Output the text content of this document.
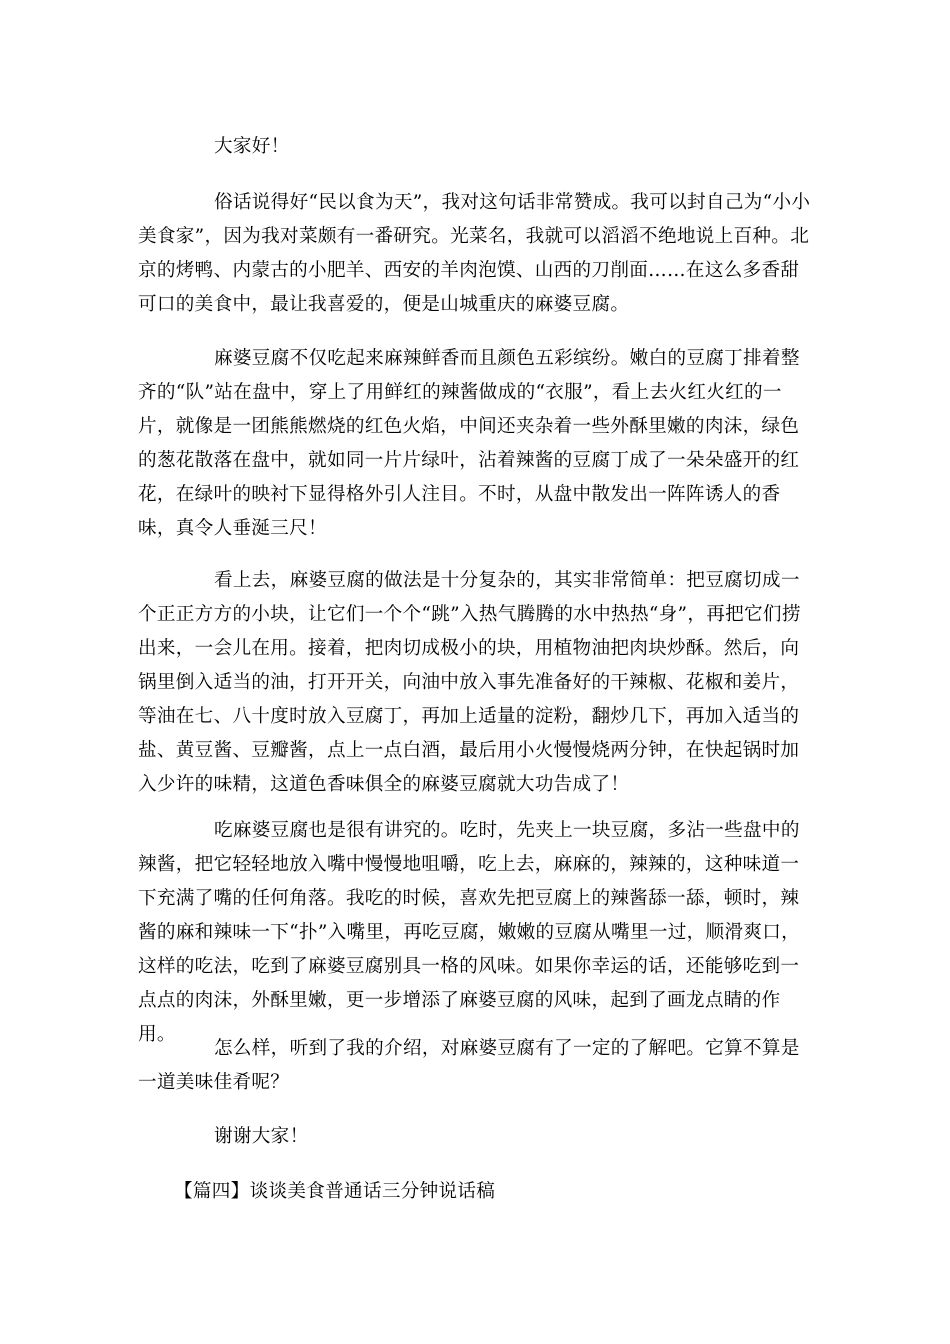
大家好！

俗话说得好“民以食为天”，我对这句话非常赞成。我可以封自己为“小小美食家”，因为我对菜颇有一番研究。光菜名，我就可以滔滔不绝地说上百种。北京的烤鸭、内蒙古的小肥羊、西安的羊肉泡馍、山西的刀削面……在这么多香甜可口的美食中，最让我喜爱的，便是山城重庆的麻婆豆腐。

麻婆豆腐不仅吃起来麻辣鲜香而且颜色五彩缤纷。嫩白的豆腐丁排着整齐的“队”站在盘中，穿上了用鲜红的辣酱做成的“衣服”，看上去火红火红的一片，就像是一团熊熊燃烧的红色火焰，中间还夹杂着一些外酥里嫩的肉沫，绿色的葱花散落在盘中，就如同一片片绿叶，沾着辣酱的豆腐丁成了一朵朵盛开的红花，在绿叶的映衬下显得格外引人注目。不时，从盘中散发出一阵阵诱人的香味，真令人垂涎三尺！

看上去，麻婆豆腐的做法是十分复杂的，其实非常简单：把豆腐切成一个正正方方的小块，让它们一个个“跳”入热气腾腾的水中热热“身”，再把它们捞出来，一会儿在用。接着，把肉切成极小的块，用植物油把肉块炒酥。然后，向锅里倒入适当的油，打开开关，向油中放入事先准备好的干辣椒、花椒和姜片，等油在七、八十度时放入豆腐丁，再加上适量的淀粉，翻炒几下，再加入适当的盐、黄豆酱、豆瓣酱，点上一点白酒，最后用小火慢慢烧两分钟，在快起锅时加入少许的味精，这道色香味俱全的麻婆豆腐就大功告成了！

吃麻婆豆腐也是很有讲究的。吃时，先夹上一块豆腐，多沾一些盘中的辣酱，把它轻轻地放入嘴中慢慢地咀嚼，吃上去，麻麻的，辣辣的，这种味道一下充满了嘴的任何角落。我吃的时候，喜欢先把豆腐上的辣酱舔一舔，顿时，辣酱的麻和辣味一下“扑”入嘴里，再吃豆腐，嫩嫩的豆腐从嘴里一过，顺滑爽口，这样的吃法，吃到了麻婆豆腐别具一格的风味。如果你幸运的话，还能够吃到一点点的肉沫，外酥里嫩，更一步增添了麻婆豆腐的风味，起到了画龙点睛的作用。

怎么样，听到了我的介绍，对麻婆豆腐有了一定的了解吧。它算不算是一道美味佳肴呢？

谢谢大家！

【篇四】谈谈美食普通话三分钟说话稿
